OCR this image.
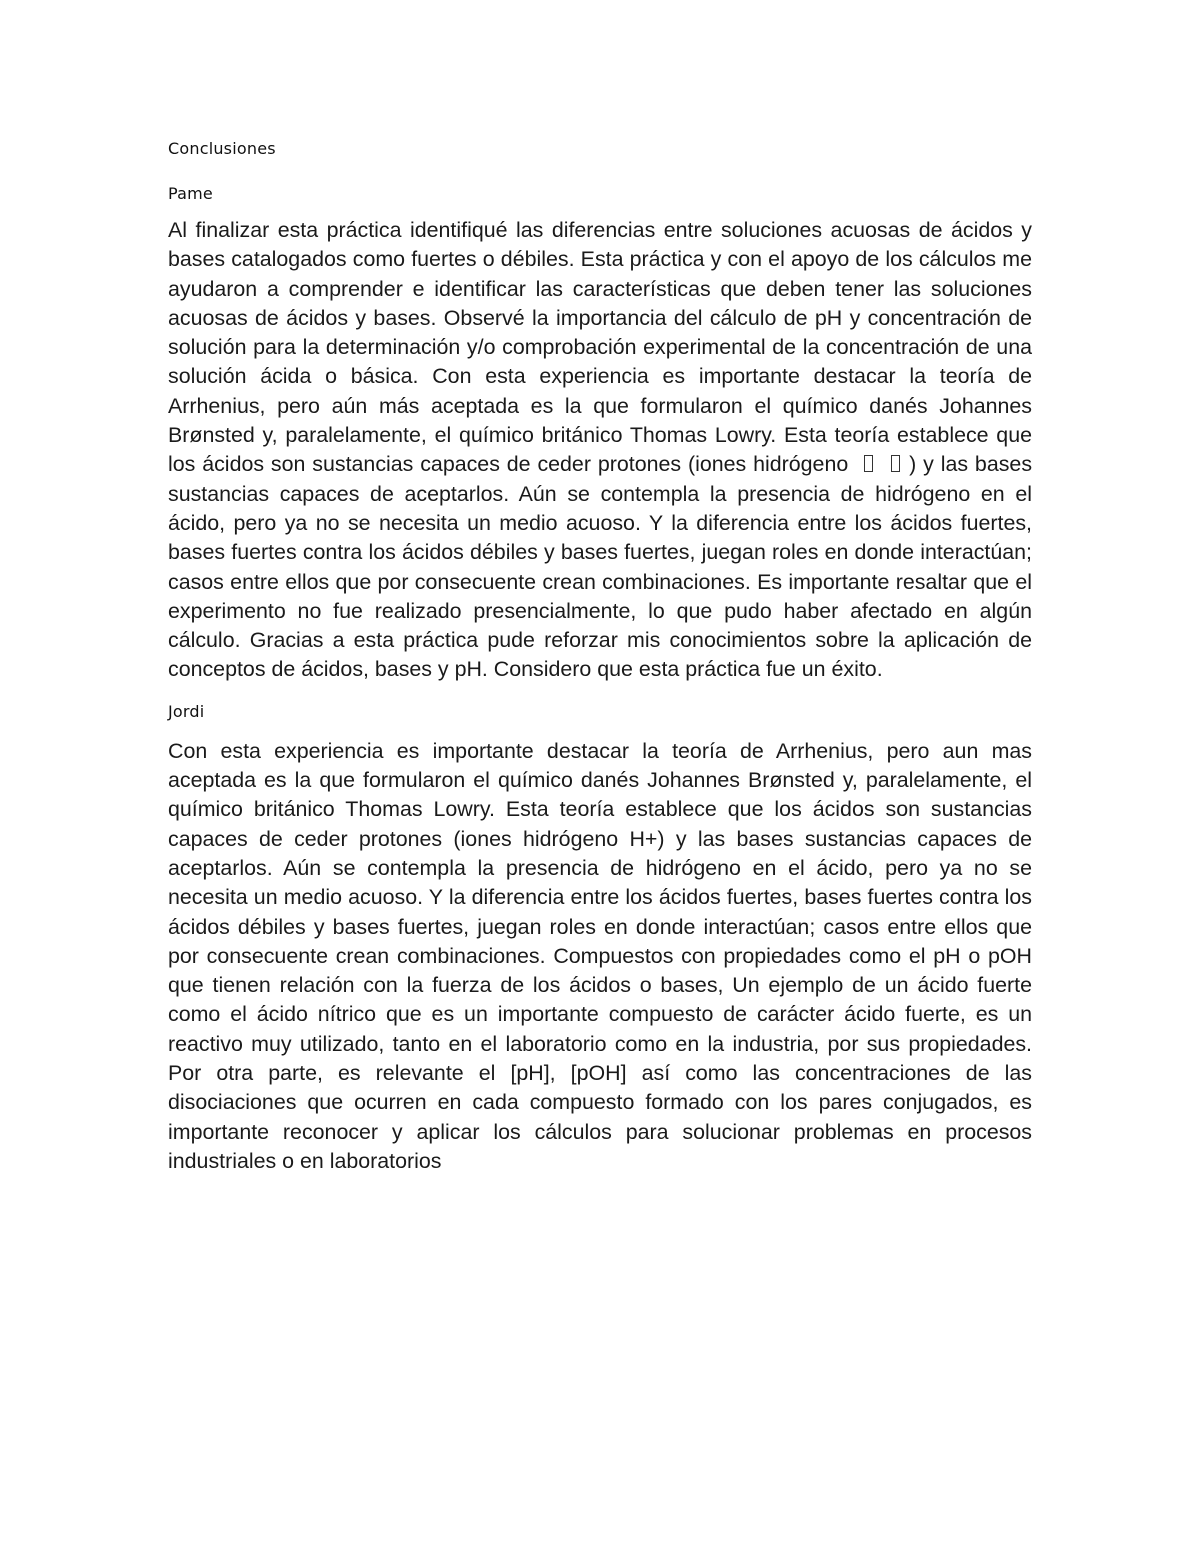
Conclusiones

Pame

Al finalizar esta práctica identifiqué las diferencias entre soluciones acuosas de ácidos y bases catalogados como fuertes o débiles. Esta práctica y con el apoyo de los cálculos me ayudaron a comprender e identificar las características que deben tener las soluciones acuosas de ácidos y bases. Observé la importancia del cálculo de pH y concentración de solución para la determinación y/o comprobación experimental de la concentración de una solución ácida o básica. Con esta experiencia es importante destacar la teoría de Arrhenius, pero aún más aceptada es la que formularon el químico danés Johannes Brønsted y, paralelamente, el químico británico Thomas Lowry. Esta teoría establece que los ácidos son sustancias capaces de ceder protones (iones hidrógeno	) y las bases sustancias capaces de aceptarlos. Aún se contempla la presencia de hidrógeno en el ácido, pero ya no se necesita un medio acuoso. Y la diferencia entre los ácidos fuertes, bases fuertes contra los ácidos débiles y bases fuertes, juegan roles en donde interactúan; casos entre ellos que por consecuente crean combinaciones. Es importante resaltar que el experimento no fue realizado presencialmente, lo que pudo haber afectado en algún cálculo. Gracias a esta práctica pude reforzar mis conocimientos sobre la aplicación de conceptos de ácidos, bases y pH. Considero que esta práctica fue un éxito.

Jordi

Con esta experiencia es importante destacar la teoría de Arrhenius, pero aun mas aceptada es la que formularon el químico danés Johannes Brønsted y, paralelamente, el químico británico Thomas Lowry. Esta teoría establece que los ácidos son sustancias capaces de ceder protones (iones hidrógeno H+) y las bases sustancias capaces de aceptarlos. Aún se contempla la presencia de hidrógeno en el ácido, pero ya no se necesita un medio acuoso. Y la diferencia entre los ácidos fuertes, bases fuertes contra los ácidos débiles y bases fuertes, juegan roles en donde interactúan; casos entre ellos que por consecuente crean combinaciones. Compuestos con propiedades como el pH o pOH que tienen relación con la fuerza de los ácidos o bases, Un ejemplo de un ácido fuerte como el ácido nítrico que es un importante compuesto de carácter ácido fuerte, es un reactivo muy utilizado, tanto en el laboratorio como en la industria, por sus propiedades. Por otra parte, es relevante el [pH], [pOH] así como las concentraciones de las disociaciones que ocurren en cada compuesto formado con los pares conjugados, es importante reconocer y aplicar los cálculos para solucionar problemas en procesos industriales o en laboratorios
